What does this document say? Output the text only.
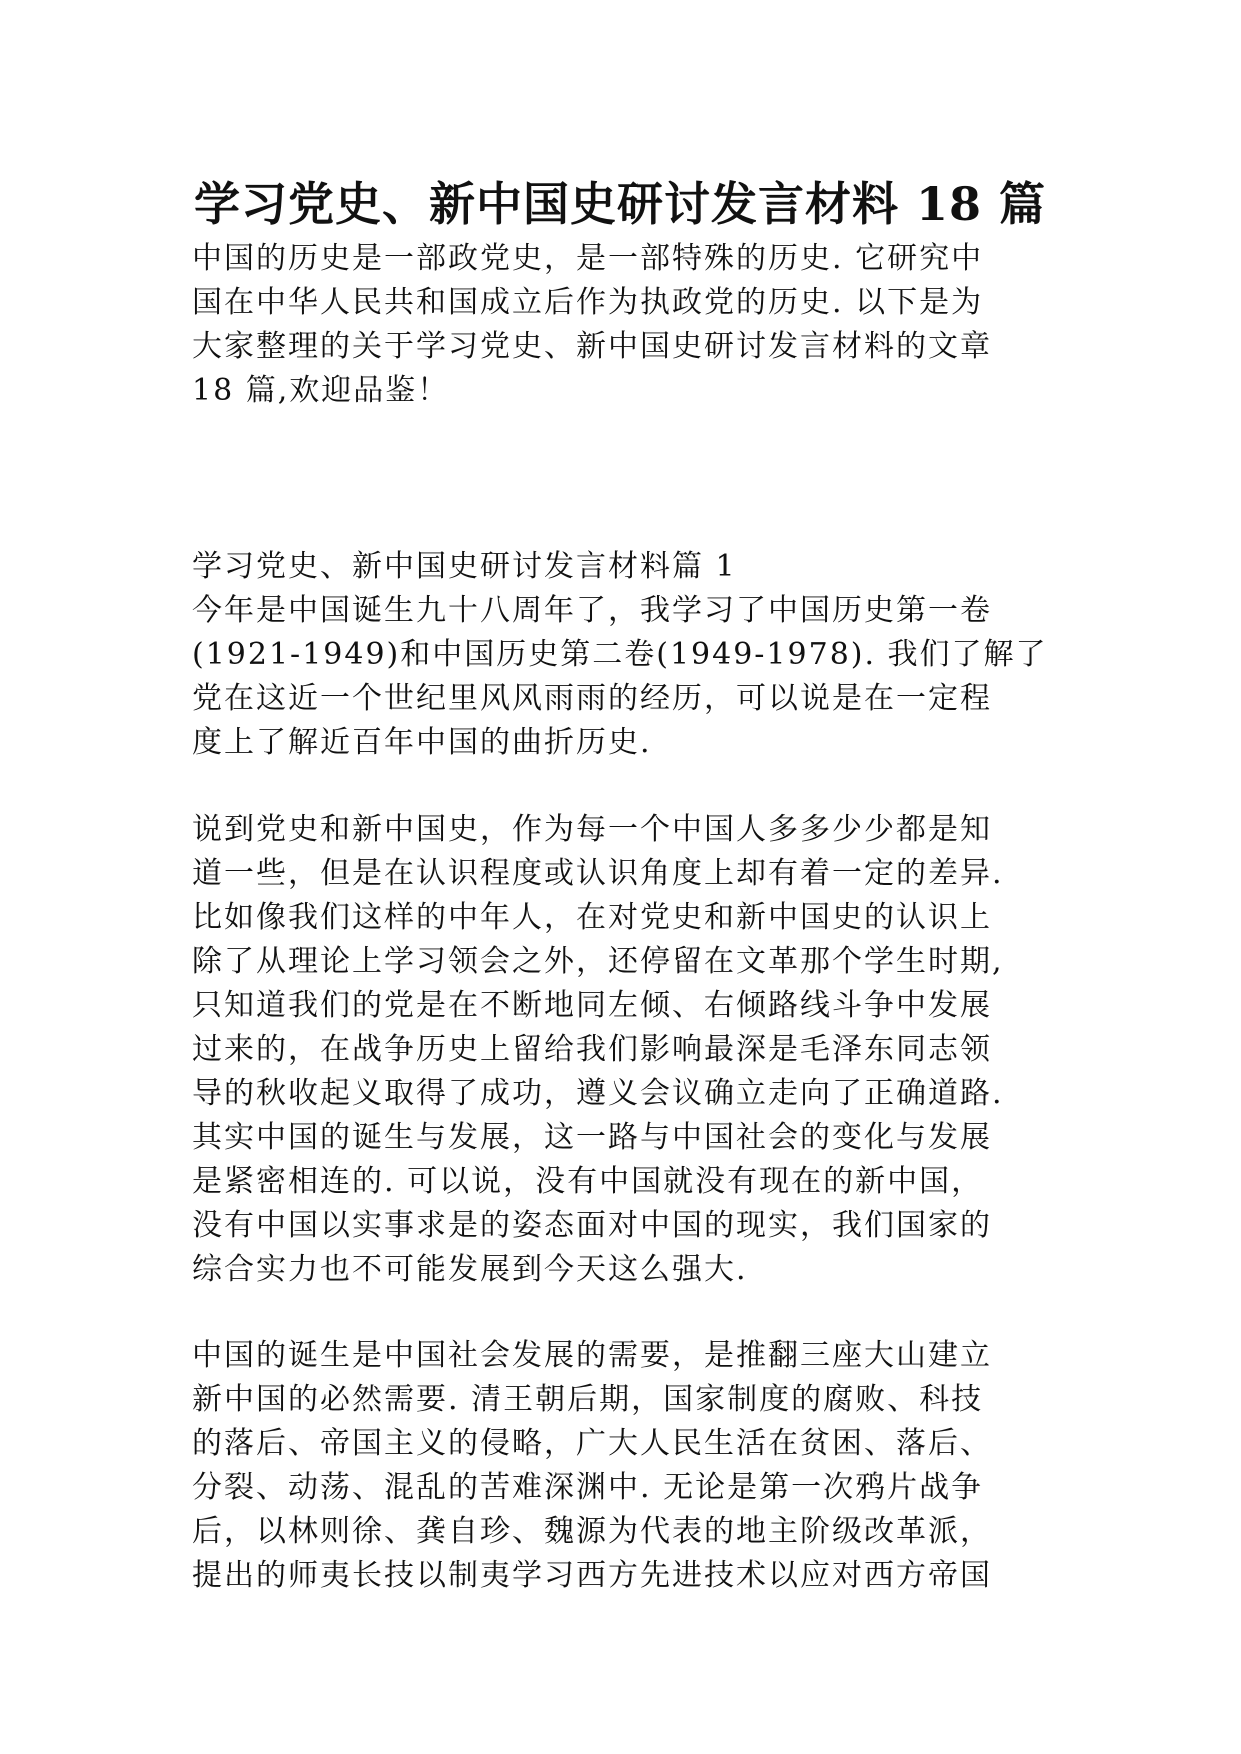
学习党史、新中国史研讨发言材料 18 篇
中国的历史是一部政党史，是一部特殊的历史. 它研究中
国在中华人民共和国成立后作为执政党的历史. 以下是为
大家整理的关于学习党史、新中国史研讨发言材料的文章
18 篇,欢迎品鉴！
学习党史、新中国史研讨发言材料篇 1
今年是中国诞生九十八周年了，我学习了中国历史第一卷
(1921-1949)和中国历史第二卷(1949-1978). 我们了解了
党在这近一个世纪里风风雨雨的经历，可以说是在一定程
度上了解近百年中国的曲折历史.
说到党史和新中国史，作为每一个中国人多多少少都是知
道一些，但是在认识程度或认识角度上却有着一定的差异.
比如像我们这样的中年人，在对党史和新中国史的认识上
除了从理论上学习领会之外，还停留在文革那个学生时期,
只知道我们的党是在不断地同左倾、右倾路线斗争中发展
过来的，在战争历史上留给我们影响最深是毛泽东同志领
导的秋收起义取得了成功，遵义会议确立走向了正确道路.
其实中国的诞生与发展，这一路与中国社会的变化与发展
是紧密相连的. 可以说，没有中国就没有现在的新中国，
没有中国以实事求是的姿态面对中国的现实，我们国家的
综合实力也不可能发展到今天这么强大.
中国的诞生是中国社会发展的需要，是推翻三座大山建立
新中国的必然需要. 清王朝后期，国家制度的腐败、科技
的落后、帝国主义的侵略，广大人民生活在贫困、落后、
分裂、动荡、混乱的苦难深渊中. 无论是第一次鸦片战争
后，以林则徐、龚自珍、魏源为代表的地主阶级改革派，
提出的师夷长技以制夷学习西方先进技术以应对西方帝国
